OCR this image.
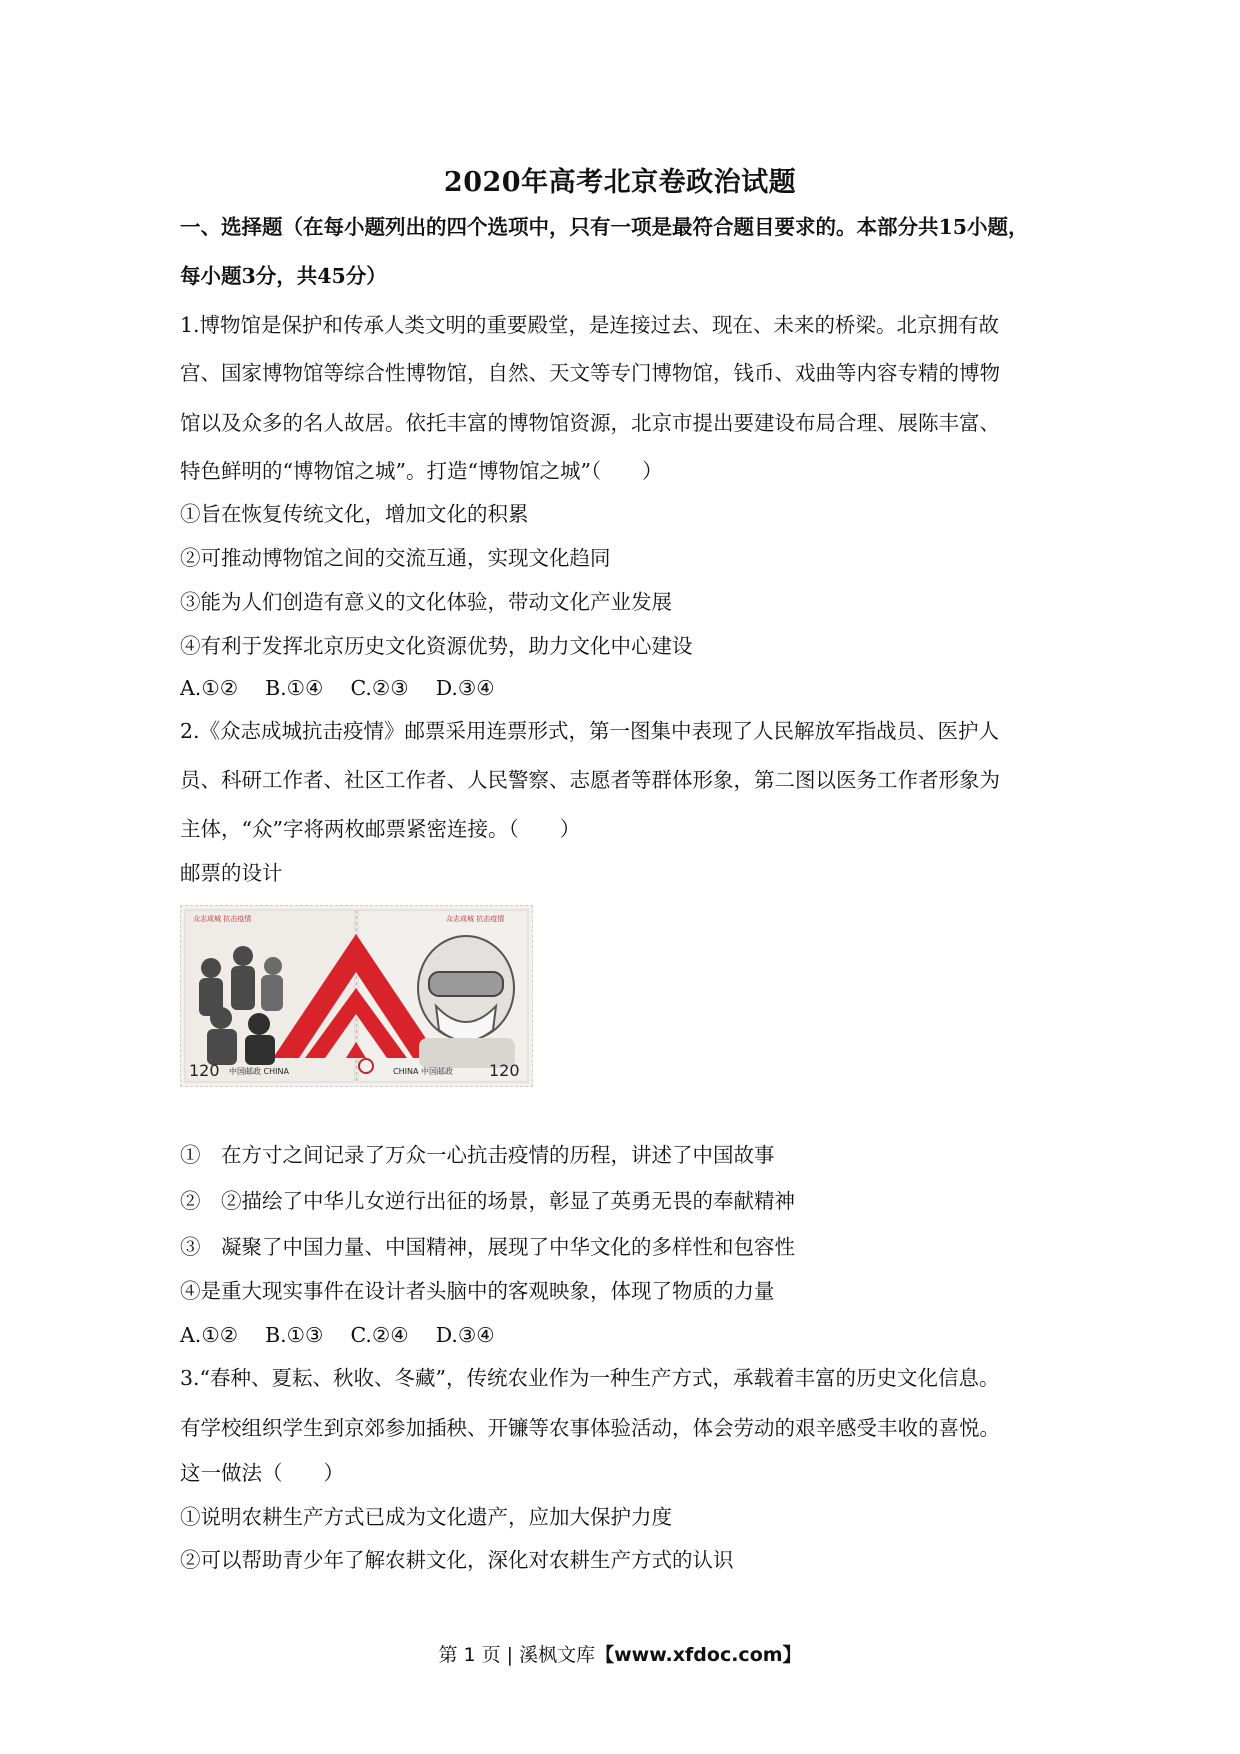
2020年高考北京卷政治试题
一、选择题（在每小题列出的四个选项中，只有一项是最符合题目要求的。本部分共15小题，
每小题3分，共45分）
1.博物馆是保护和传承人类文明的重要殿堂，是连接过去、现在、未来的桥梁。北京拥有故
宫、国家博物馆等综合性博物馆，自然、天文等专门博物馆，钱币、戏曲等内容专精的博物
馆以及众多的名人故居。依托丰富的博物馆资源，北京市提出要建设布局合理、展陈丰富、
特色鲜明的“博物馆之城”。打造“博物馆之城”（　　）
①旨在恢复传统文化，增加文化的积累
②可推动博物馆之间的交流互通，实现文化趋同
③能为人们创造有意义的文化体验，带动文化产业发展
④有利于发挥北京历史文化资源优势，助力文化中心建设
A.①②　 B.①④　 C.②③　 D.③④
2.《众志成城抗击疫情》邮票采用连票形式，第一图集中表现了人民解放军指战员、医护人
员、科研工作者、社区工作者、人民警察、志愿者等群体形象，第二图以医务工作者形象为
主体，“众”字将两枚邮票紧密连接。（　　）
邮票的设计
众志成城 抗击疫情	众志成城 抗击疫情
120 中国邮政 CHINA	CHINA 中国邮政 120
①　在方寸之间记录了万众一心抗击疫情的历程，讲述了中国故事
②　②描绘了中华儿女逆行出征的场景，彰显了英勇无畏的奉献精神
③　凝聚了中国力量、中国精神，展现了中华文化的多样性和包容性
④是重大现实事件在设计者头脑中的客观映象，体现了物质的力量
A.①②　 B.①③　 C.②④　 D.③④
3.“春种、夏耘、秋收、冬藏”，传统农业作为一种生产方式，承载着丰富的历史文化信息。
有学校组织学生到京郊参加插秧、开镰等农事体验活动，体会劳动的艰辛感受丰收的喜悦。
这一做法（　　）
①说明农耕生产方式已成为文化遗产，应加大保护力度
②可以帮助青少年了解农耕文化，深化对农耕生产方式的认识
第 1 页 | 溪枫文库【www.xfdoc.com】
